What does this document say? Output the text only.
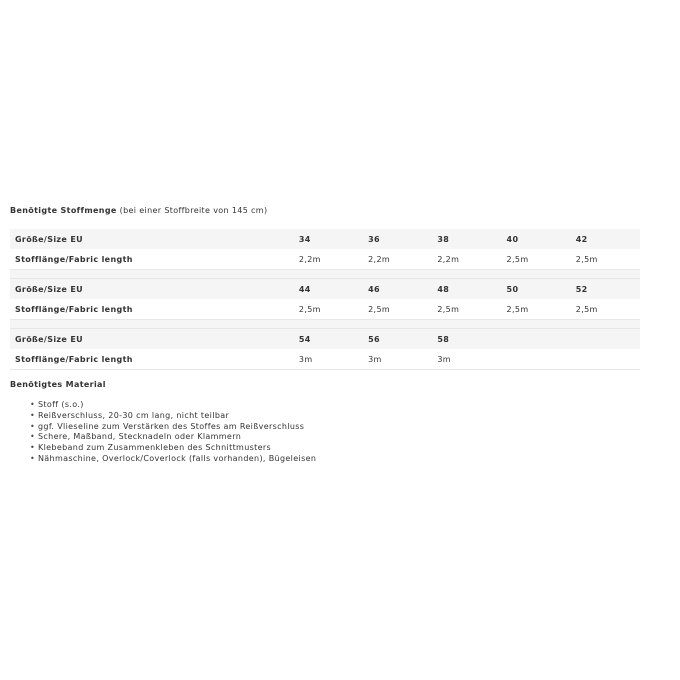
Benötigte Stoffmenge (bei einer Stoffbreite von 145 cm)

Größe/Size EU	34	36	38	40	42
Stofflänge/Fabric length	2,2m	2,2m	2,2m	2,5m	2,5m

Größe/Size EU	44	46	48	50	52
Stofflänge/Fabric length	2,5m	2,5m	2,5m	2,5m	2,5m

Größe/Size EU	54	56	58		
Stofflänge/Fabric length	3m	3m	3m		

Benötigtes Material

• Stoff (s.o.)
• Reißverschluss, 20-30 cm lang, nicht teilbar
• ggf. Vlieseline zum Verstärken des Stoffes am Reißverschluss
• Schere, Maßband, Stecknadeln oder Klammern
• Klebeband zum Zusammenkleben des Schnittmusters
• Nähmaschine, Overlock/Coverlock (falls vorhanden), Bügeleisen
